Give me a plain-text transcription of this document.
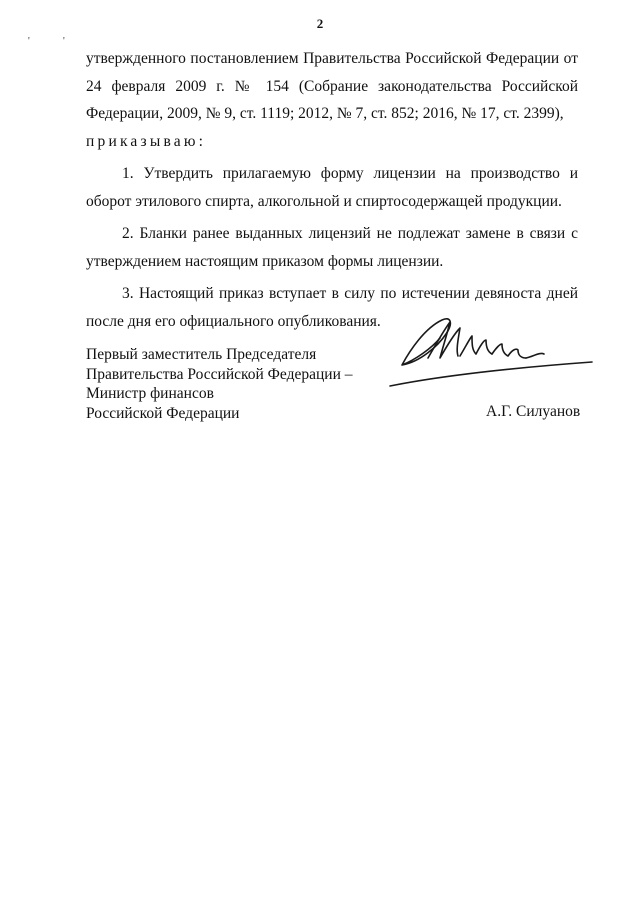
2
'	'

утвержденного постановлением Правительства Российской Федерации от 24 февраля 2009 г. № 154 (Собрание законодательства Российской Федерации, 2009, № 9, ст. 1119; 2012, № 7, ст. 852; 2016, № 17, ст. 2399),

приказываю:

1. Утвердить прилагаемую форму лицензии на производство и оборот этилового спирта, алкогольной и спиртосодержащей продукции.

2. Бланки ранее выданных лицензий не подлежат замене в связи с утверждением настоящим приказом формы лицензии.

3. Настоящий приказ вступает в силу по истечении девяноста дней после дня его официального опубликования.

Первый заместитель Председателя
Правительства Российской Федерации –
Министр финансов
Российской Федерации	А.Г. Силуанов
